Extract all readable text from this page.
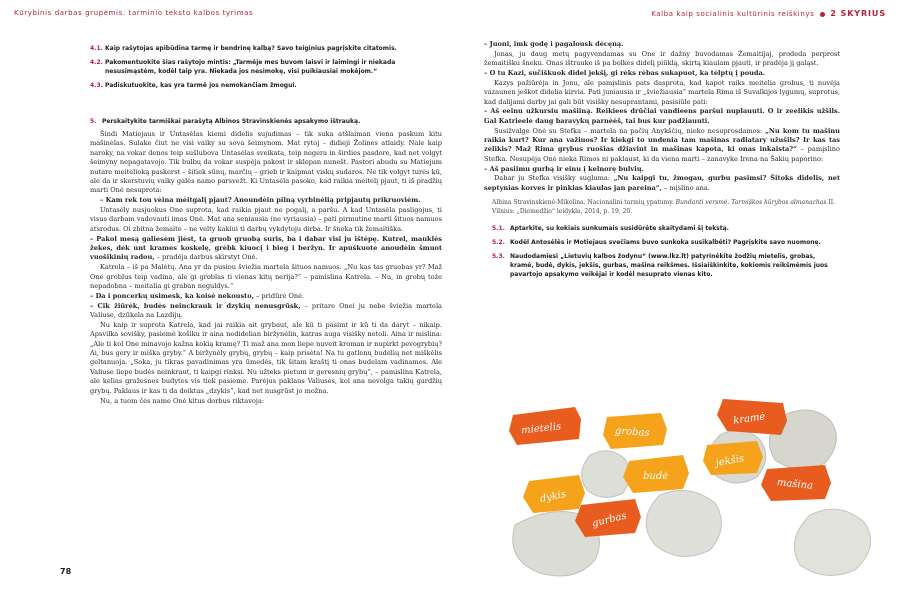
Kūrybinis darbas grupėmis: tarminio teksto kalbos tyrimas
4.1. Kaip rašytojas apibūdina tarmę ir bendrinę kalbą? Savo teiginius pagrįskite citatomis.
4.2. Pakomentuokite šias rašytojo mintis: „Tarmėje mes buvom laisvi ir laimingi ir niekada nesusimąstėm, kodėl taip yra. Niekada jos nesimokę, visi puikiausiai mokėjom.“
4.3. Padiskutuokite, kas yra tarmė jos nemokančiam žmogui.
5. Perskaitykite tarmiškai parašytą Albinos Stravinskienės apsakymo ištrauką.

Šindi Matiejaus ir Untasėlas kiemi didelis sujudimas – tik suka atšlaiman viena paskum kitu mašinėlas. Sulake čiut ne visi vaiky su sova šeimynom. Mat rytoj – didieji Žolines atlaidy. Nale kaip naroky, na vokar denos teip sušlubova Untasėlas sveikata, teip negera in širdies pasdore, kad net volgyt šeimyny nepagatavojo. Tik bulbų da vokar suspėja pakost ir sklepan nunešt. Pastori abudu su Matiejum nutare meitelioką paskerst – šitiek sūnų, marčių – grieb ir kaipmat viskų sudaros. Ne tik volgyt turės kū, ale da ir skerstuvių vaiky galės namo parsvežt. Ki Untasėla pasoko, kad raikia meitelį pjaut, ti iš pradžių marti Onė nesuprota:

– Kam rek tou vėina mėitgalį pjaut? Anoundėin pilną vyrbinėlią pripjautų prikruoviėm.

Untasėly nusjuokus One suprota, kad raikia pjaut ne pogalį, a paršu. A kad Untasėla pasligojus, ti visus darbam vadovauti imas Onė. Mat ana seniausia (ne vyriausia) – pati pirmutine marti šituos namuos atsrodus. Oi zbitna žemaite – ne velty kakiui ti darbų vykdytoju dirba. Ir šneka tik žemaitiška.

– Pakol mesą galiesėm jiėst, ta gruob gruobą suris, ba i dabar visi ju ištėpę. Kutrel, mauklės žekes, dėk unt krames koskelę, grėbk kiuocį i bieg i beržyn. Ir apuškuote anoudėin šmuot vuošikinių radou, – pradėja darbus skirstyt Onė.

Katrela – iš pa Malėtų. Ana yr da pusiou šviežia martela šituos namuos. „Nu kas tas gruobas yr? Maž One groblus teip vadina, ale gi groblas ti vienas kitų nerija?“ – pamislina Katrela. – Nu, in grobų toże nepadobna – meitalia gi graban neguldys.“

– Da i poncerkų usimesk, ka koisė nekousto, – pridūre Onė.

– Cik žiūrėk, budės neinckrauk ir dzykių nenusgrūsk, – pritare Onei ju nebe šviežia martela Valiuse, dzūkela na Lazdijų.

Nu kaip ir suprota Katrela, kad jai raikia ait grybaut, ale kū ti pasimt ir kū ti da daryt – nikaip. Apsvilka sovišky, pasiemė košiku ir aina nedidelian biržynėlin, katras auga visišky netoli. Aina ir mislina: „Ale ti kol One minavojo kažna kokią kramę? Ti maž ana mon liepe nuveit kroman ir nupirkt pevogrybių? Ai, bus gery ir miška gryby.“ A biržynėly grybų, grybų – kaip prisėta! Na tu gatlenų budelių net miškėlis geltanuoja. „Soka, ju tikras pavadinimas yra ūmedės, tik šitam kraštį ti onas budelam vadinamos. Ale Valiuse liepe budės neinkraut, ti kaipgi rinksi. Nu užteks pietum ir geresnių grybų“, – pamislina Katrela, ale kelias gražesnes budytes vis tiek pasieme. Parėjus paklaus Valiuses, kol ana nevolga takių gardžių grybų. Paklaus ir kas ti da doiktas „dzykis“, kad net nusgrūst jo možna.

Nu, a tuom čės name Onė kitus dorbus riktavoja:

78
Kalba kaip socialinis kultūrinis reiškinys 2 SKYRIUS

– Juoni, imk godę i pagalousk dėcęną.

Jonas, ju daug metų pagyvendamas su One ir dažny buvodamas Žemaitijaj, prodeda perprost žemaitišku šneku. Onas ištrauke iš pa bolkes didelį piūklą, skirtą kiaulam pjauti, ir pradėja jį galąst.

– O tu Kazi, sučiškuok didel jekšį, gi rėks rėbas sukapuot, ka tėlptų į pouda.

Kazys pažiūrėja in Jonu, ale pamįslinis pats dasprota, kad kapot raiks meitelia grobus, ti nuvėja vazaunen ješkot didelia kirvia. Pati juniausia ir „šviežiausia“ martela Rima iš Suvalkijos lygumų, suprotus, kad dalijami darby jai gali būt visišky nesuprantami, pasisiūle pati:

– Aš eeinu užkursiu mašiiną. Reikiees drūčiai vandieens paršui nuplauuti. O ir zeelikis užšils. Gal Katrieele daug baravykų parnėėš, tai bus kur padžiauuti.

Susižvalge Onė su Stefka – martela na pačių Anykščių, nieko nesuprosdamos: „Nu kom tu mašinu raikia kurt? Kur ana važiuos? Ir kiekgi to undenia tam mašinas radiatary užušils? Ir kas tas zelikis? Maž Rima grybus ruošias džiavint in mašinas kapota, ki onas inkaista?“ – pamįslino Stefka. Nesupėja Onė nieka Rimos ni paklaust, ki da viena marti – zanavyke Irena na Šakių paporino:

– Aš pasiimu gurbą ir einu į kelnorę bulvių.

Dabar ju Stefka visišky sugluma: „Nu kaipgi tu, žmogau, gurbu pasimsi? Šitoks didelis, net septynias korves ir pinkias kiaulas jan pareina“, – mįslino ana.

Albina Stravinskienė-Mikolina. Nacionalini tarmių ypatumy. Bundanti versmė. Tarmiškos kūrybos almanachas II. Vilnius: „Diemedžio“ leidykla, 2014, p. 19, 20.
5.1. Aptarkite, su kokiais sunkumais susidūrėte skaitydami šį tekstą.
5.2. Kodėl Antosėlės ir Motiejaus svečiams buvo sunkoka susikalbėti? Pagrįskite savo nuomonę.
5.3. Naudodamiesi „Lietuvių kalbos žodynu“ (www.lkz.lt) patyrinėkite žodžių mietelis, grobas, kramė, budė, dykis, jekšis, gurbas, mašina reikšmes. Išsiaiškinkite, kokiomis reikšmėmis juos pavartojo apsakymo veikėjai ir kodėl nesuprato vienas kito.
mietelis	grobas
kramė
jekšis
budė
dykis
mašina
gurbas
